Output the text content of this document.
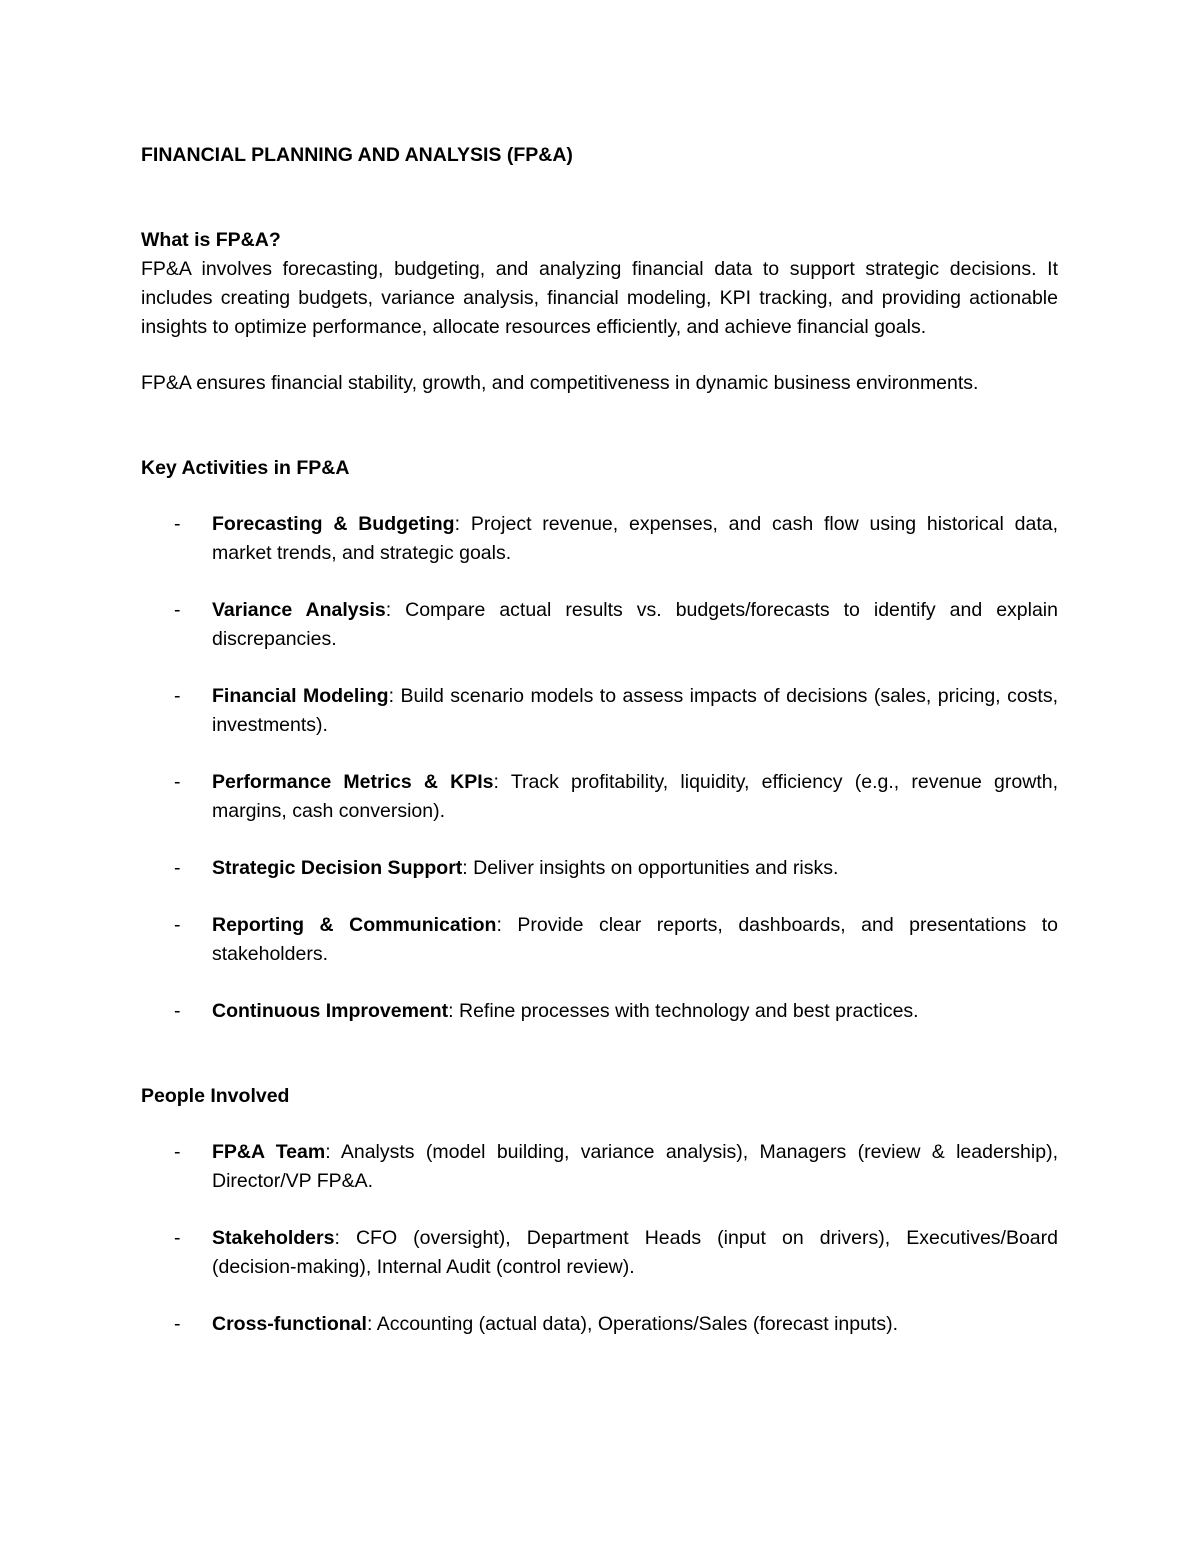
FINANCIAL PLANNING AND ANALYSIS (FP&A)
What is FP&A?

FP&A involves forecasting, budgeting, and analyzing financial data to support strategic decisions. It includes creating budgets, variance analysis, financial modeling, KPI tracking, and providing actionable insights to optimize performance, allocate resources efficiently, and achieve financial goals.

FP&A ensures financial stability, growth, and competitiveness in dynamic business environments.

Key Activities in FP&A
- Forecasting & Budgeting: Project revenue, expenses, and cash flow using historical data, market trends, and strategic goals.
- Variance Analysis: Compare actual results vs. budgets/forecasts to identify and explain discrepancies.
- Financial Modeling: Build scenario models to assess impacts of decisions (sales, pricing, costs, investments).
- Performance Metrics & KPIs: Track profitability, liquidity, efficiency (e.g., revenue growth, margins, cash conversion).
- Strategic Decision Support: Deliver insights on opportunities and risks.
- Reporting & Communication: Provide clear reports, dashboards, and presentations to stakeholders.
- Continuous Improvement: Refine processes with technology and best practices.
People Involved
- FP&A Team: Analysts (model building, variance analysis), Managers (review & leadership), Director/VP FP&A.
- Stakeholders: CFO (oversight), Department Heads (input on drivers), Executives/Board (decision-making), Internal Audit (control review).
- Cross-functional: Accounting (actual data), Operations/Sales (forecast inputs).
